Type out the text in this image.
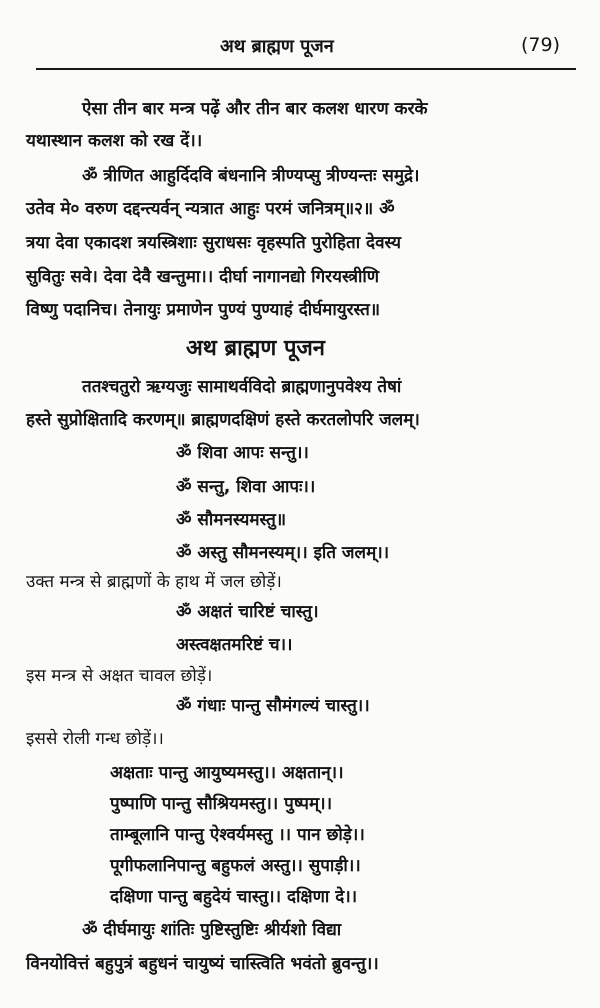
अथ ब्राह्मण पूजन	(79)
ऐसा तीन बार मन्त्र पढ़ें और तीन बार कलश धारण करके
यथास्थान कलश को रख दें।।
ॐ त्रीणित आहुर्दिदवि बंधनानि त्रीण्यप्सु त्रीण्यन्तः समुद्रे।
उतेव मे० वरुण दद्दन्त्यर्वन् न्यत्रात आहुः परमं जनित्रम्॥२॥ ॐ
त्रया देवा एकादश त्रयस्त्रिशाः सुराधसः वृहस्पति पुरोहिता देवस्य
सुवितुः सवे। देवा देवै खन्तुमा।। दीर्घा नागानद्यो गिरयस्त्रीणि
विष्णु पदानिच। तेनायुः प्रमाणेन पुण्यं पुण्याहं दीर्घमायुरस्त॥
अथ ब्राह्मण पूजन
ततश्चतुरो ऋग्यजुः सामाथर्वविदो ब्राह्मणानुपवेश्य तेषां
हस्ते सुप्रोक्षितादि करणम्॥ ब्राह्मणदक्षिणं हस्ते करतलोपरि जलम्।
ॐ शिवा आपः सन्तु।।
ॐ सन्तु, शिवा आपः।।
ॐ सौमनस्यमस्तु॥
ॐ अस्तु सौमनस्यम्।। इति जलम्।।
उक्त मन्त्र से ब्राह्मणों के हाथ में जल छोड़ें।
ॐ अक्षतं चारिष्टं चास्तु।
अस्त्वक्षतमरिष्टं च।।
इस मन्त्र से अक्षत चावल छोड़ें।
ॐ गंधाः पान्तु सौमंगल्यं चास्तु।।
इससे रोली गन्ध छोड़ें।।
अक्षताः पान्तु आयुष्यमस्तु।। अक्षतान्।।
पुष्पाणि पान्तु सौश्रियमस्तु।। पुष्पम्।।
ताम्बूलानि पान्तु ऐश्वर्यमस्तु ।। पान छोड़े।।
पूगीफलानिपान्तु बहुफलं अस्तु।। सुपाड़ी।।
दक्षिणा पान्तु बहुदेयं चास्तु।। दक्षिणा दे।।
ॐ दीर्घमायुः शांतिः पुष्टिस्तुष्टिः श्रीर्यशो विद्या
विनयोवित्तं बहुपुत्रं बहुधनं चायुष्यं चास्त्विति भवंतो ब्रुवन्तु।।
